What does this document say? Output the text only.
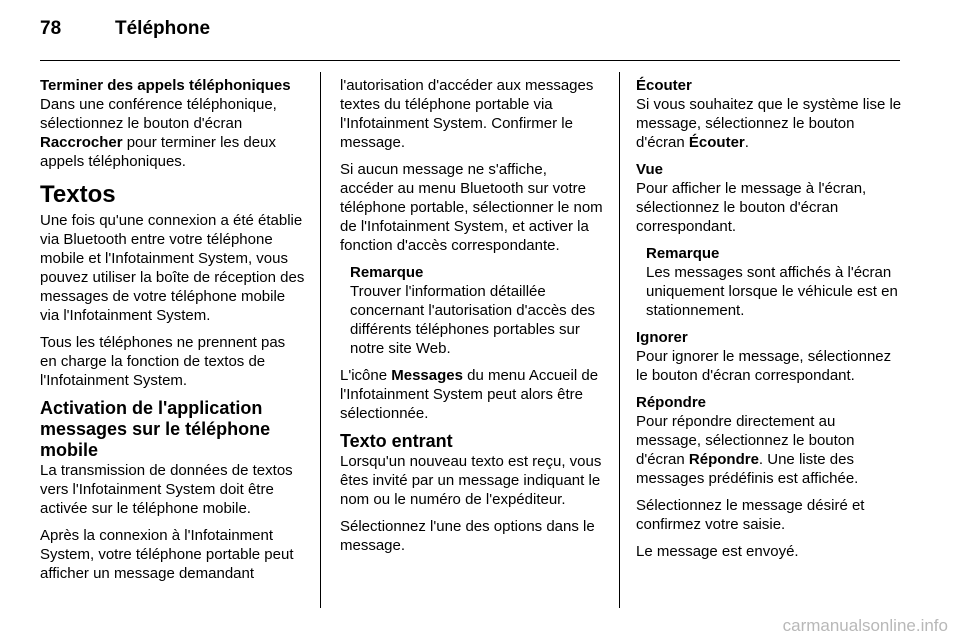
78	Téléphone
Terminer des appels téléphoniques

Dans une conférence téléphonique, sélectionnez le bouton d'écran Raccrocher pour terminer les deux appels téléphoniques.

Textos

Une fois qu'une connexion a été établie via Bluetooth entre votre téléphone mobile et l'Infotainment System, vous pouvez utiliser la boîte de réception des messages de votre téléphone mobile via l'Infotainment System.

Tous les téléphones ne prennent pas en charge la fonction de textos de l'Infotainment System.

Activation de l'application messages sur le téléphone mobile

La transmission de données de textos vers l'Infotainment System doit être activée sur le téléphone mobile.

Après la connexion à l'Infotainment System, votre téléphone portable peut afficher un message demandant

l'autorisation d'accéder aux messages textes du téléphone portable via l'Infotainment System. Confirmer le message.

Si aucun message ne s'affiche, accéder au menu Bluetooth sur votre téléphone portable, sélectionner le nom de l'Infotainment System, et activer la fonction d'accès correspondante.

Remarque
Trouver l'information détaillée concernant l'autorisation d'accès des différents téléphones portables sur notre site Web.

L'icône Messages du menu Accueil de l'Infotainment System peut alors être sélectionnée.

Texto entrant

Lorsqu'un nouveau texto est reçu, vous êtes invité par un message indiquant le nom ou le numéro de l'expéditeur.

Sélectionnez l'une des options dans le message.

Écouter

Si vous souhaitez que le système lise le message, sélectionnez le bouton d'écran Écouter.

Vue

Pour afficher le message à l'écran, sélectionnez le bouton d'écran correspondant.

Remarque
Les messages sont affichés à l'écran uniquement lorsque le véhicule est en stationnement.
Ignorer

Pour ignorer le message, sélectionnez le bouton d'écran correspondant.

Répondre

Pour répondre directement au message, sélectionnez le bouton d'écran Répondre. Une liste des messages prédéfinis est affichée.

Sélectionnez le message désiré et confirmez votre saisie.

Le message est envoyé.

carmanualsonline.info
